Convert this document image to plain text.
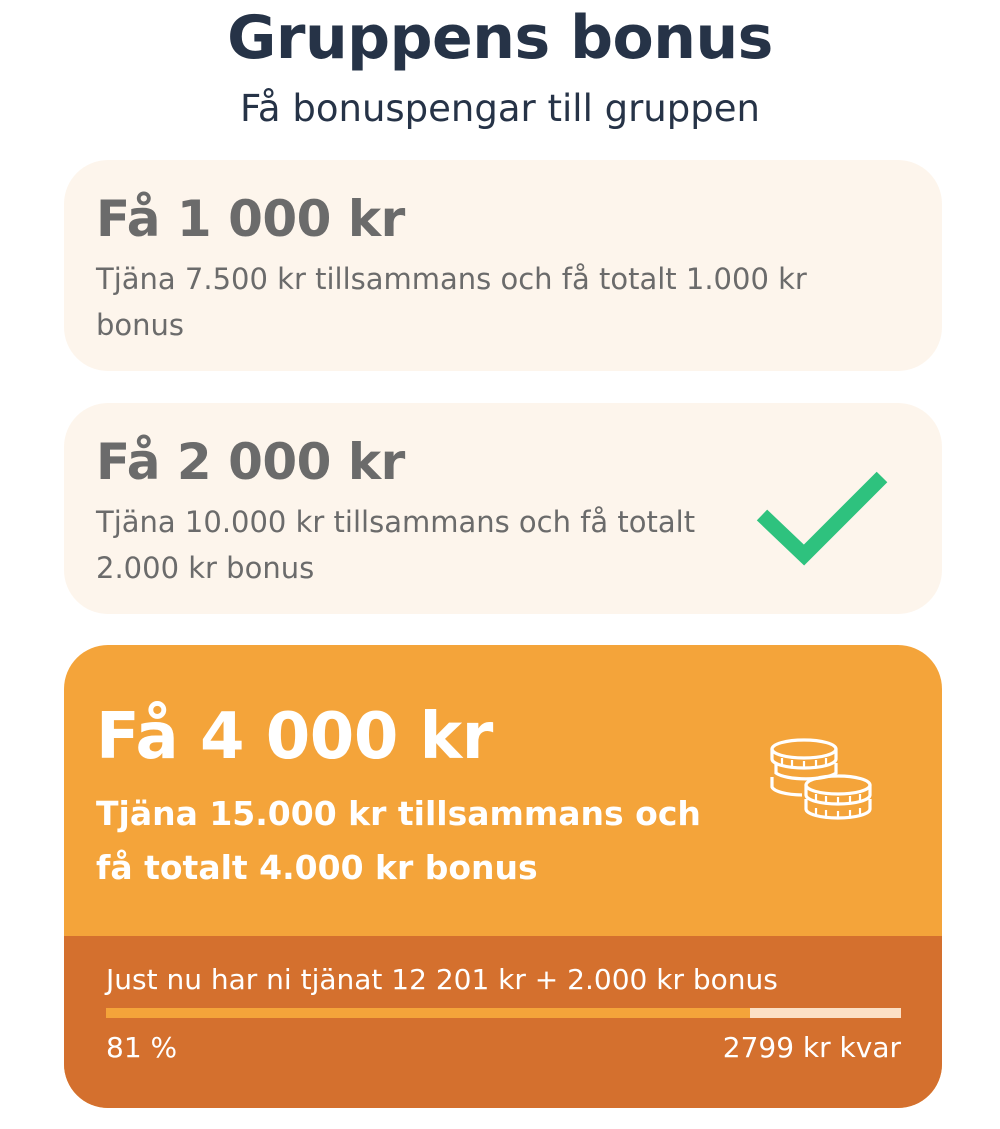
Gruppens bonus
Få bonuspengar till gruppen
Få 1 000 kr
Tjäna 7.500 kr tillsammans och få totalt 1.000 kr bonus
Få 2 000 kr
Tjäna 10.000 kr tillsammans och få totalt 2.000 kr bonus
Få 4 000 kr
Tjäna 15.000 kr tillsammans och få totalt 4.000 kr bonus
Just nu har ni tjänat 12 201 kr + 2.000 kr bonus
81 %	2799 kr kvar
